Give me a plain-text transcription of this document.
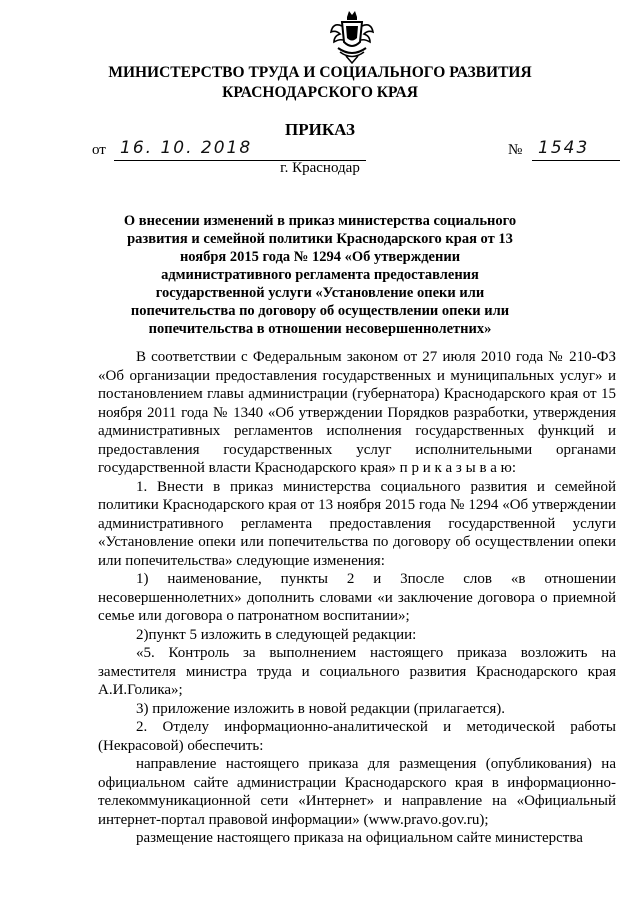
МИНИСТЕРСТВО ТРУДА И СОЦИАЛЬНОГО РАЗВИТИЯ
КРАСНОДАРСКОГО КРАЯ
ПРИКАЗ
от 16. 10. 2018	№ 1543
г. Краснодар
О внесении изменений в приказ министерства социального развития и семейной политики Краснодарского края от 13 ноября 2015 года № 1294 «Об утверждении административного регламента предоставления государственной услуги «Установление опеки или попечительства по договору об осуществлении опеки или попечительства в отношении несовершеннолетних»

В соответствии с Федеральным законом от 27 июля 2010 года № 210-ФЗ «Об организации предоставления государственных и муниципальных услуг» и постановлением главы администрации (губернатора) Краснодарского края от 15 ноября 2011 года № 1340 «Об утверждении Порядков разработки, утверждения административных регламентов исполнения государственных функций и предоставления государственных услуг исполнительными органами государственной власти Краснодарского края» п р и к а з ы в а ю:

1. Внести в приказ министерства социального развития и семейной политики Краснодарского края от 13 ноября 2015 года № 1294 «Об утверждении административного регламента предоставления государственной услуги «Установление опеки или попечительства по договору об осуществлении опеки или попечительства» следующие изменения:

1) наименование, пункты 2 и 3после слов «в отношении несовершеннолетних» дополнить словами «и заключение договора о приемной семье или договора о патронатном воспитании»;

2)пункт 5 изложить в следующей редакции:

«5. Контроль за выполнением настоящего приказа возложить на заместителя министра труда и социального развития Краснодарского края А.И.Голика»;

3) приложение изложить в новой редакции (прилагается).

2. Отделу информационно-аналитической и методической работы (Некрасовой) обеспечить:

направление настоящего приказа для размещения (опубликования) на официальном сайте администрации Краснодарского края в информационно-телекоммуникационной сети «Интернет» и направление на «Официальный интернет-портал правовой информации» (www.pravo.gov.ru);

размещение настоящего приказа на официальном сайте министерства
